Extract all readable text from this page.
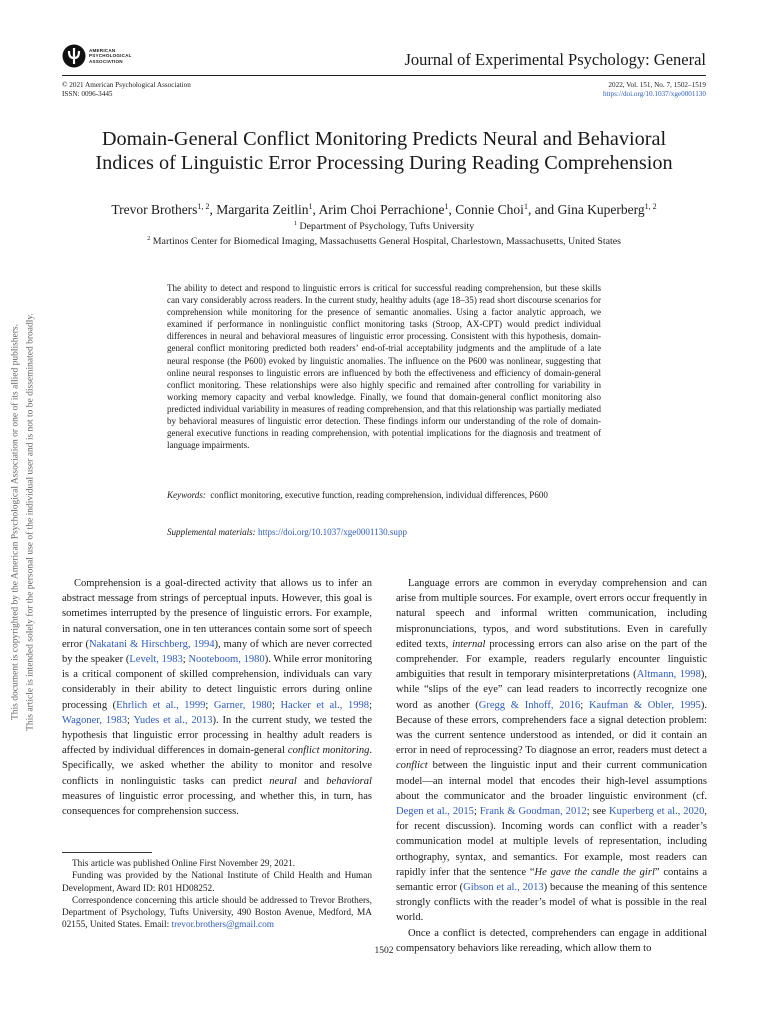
AMERICAN
PSYCHOLOGICAL
ASSOCIATION	Journal of Experimental Psychology: General
© 2021 American Psychological Association
ISSN: 0096-3445
2022, Vol. 151, No. 7, 1502–1519
https://doi.org/10.1037/xge0001130
Domain-General Conflict Monitoring Predicts Neural and Behavioral
Indices of Linguistic Error Processing During Reading Comprehension
Trevor Brothers$^{1, 2}$, Margarita Zeitlin$^1$, Arim Choi Perrachione$^1$, Connie Choi$^1$, and Gina Kuperberg$^{1, 2}$
$^1$ Department of Psychology, Tufts University
$^2$ Martinos Center for Biomedical Imaging, Massachusetts General Hospital, Charlestown, Massachusetts, United States
The ability to detect and respond to linguistic errors is critical for successful reading comprehension, but these skills can vary considerably across readers. In the current study, healthy adults (age 18–35) read short discourse scenarios for comprehension while monitoring for the presence of semantic anomalies. Using a factor analytic approach, we examined if performance in nonlinguistic conflict monitoring tasks (Stroop, AX-CPT) would predict individual differences in neural and behavioral measures of linguistic error processing. Consistent with this hypothesis, domain-general conflict monitoring predicted both readers’ end-of-trial acceptability judgments and the amplitude of a late neural response (the P600) evoked by linguistic anomalies. The influence on the P600 was nonlinear, suggesting that online neural responses to linguistic errors are influenced by both the effectiveness and efficiency of domain-general conflict monitoring. These relationships were also highly specific and remained after controlling for variability in working memory capacity and verbal knowledge. Finally, we found that domain-general conflict monitoring also predicted individual variability in measures of reading comprehension, and that this relationship was partially mediated by behavioral measures of linguistic error detection. These findings inform our understanding of the role of domain-general executive functions in reading comprehension, with potential implications for the diagnosis and treatment of language impairments.
Keywords: conflict monitoring, executive function, reading comprehension, individual differences, P600
Supplemental materials: https://doi.org/10.1037/xge0001130.supp

Comprehension is a goal-directed activity that allows us to infer an abstract message from strings of perceptual inputs. However, this goal is sometimes interrupted by the presence of linguistic errors. For example, in natural conversation, one in ten utterances contain some sort of speech error (Nakatani & Hirschberg, 1994), many of which are never corrected by the speaker (Levelt, 1983; Nooteboom, 1980). While error monitoring is a critical component of skilled comprehension, individuals can vary considerably in their ability to detect linguistic errors during online processing (Ehrlich et al., 1999; Garner, 1980; Hacker et al., 1998; Wagoner, 1983; Yudes et al., 2013). In the current study, we tested the hypothesis that linguistic error processing in healthy adult readers is affected by individual differences in domain-general conflict monitoring. Specifically, we asked whether the ability to monitor and resolve conflicts in nonlinguistic tasks can predict neural and behavioral measures of linguistic error processing, and whether this, in turn, has consequences for comprehension success.

Language errors are common in everyday comprehension and can arise from multiple sources. For example, overt errors occur frequently in natural speech and informal written communication, including mispronunciations, typos, and word substitutions. Even in carefully edited texts, internal processing errors can also arise on the part of the comprehender. For example, readers regularly encounter linguistic ambiguities that result in temporary misinterpretations (Altmann, 1998), while “slips of the eye” can lead readers to incorrectly recognize one word as another (Gregg & Inhoff, 2016; Kaufman & Obler, 1995). Because of these errors, comprehenders face a signal detection problem: was the current sentence understood as intended, or did it contain an error in need of reprocessing? To diagnose an error, readers must detect a conflict between the linguistic input and their current communication model—an internal model that encodes their high-level assumptions about the communicator and the broader linguistic environment (cf. Degen et al., 2015; Frank & Goodman, 2012; see Kuperberg et al., 2020, for recent discussion). Incoming words can conflict with a reader’s communication model at multiple levels of representation, including orthography, syntax, and semantics. For example, most readers can rapidly infer that the sentence “He gave the candle the girl” contains a semantic error (Gibson et al., 2013) because the meaning of this sentence strongly conflicts with the reader’s model of what is possible in the real world.

Once a conflict is detected, comprehenders can engage in additional compensatory behaviors like rereading, which allow them to

This article was published Online First November 29, 2021.

Funding was provided by the National Institute of Child Health and Human Development, Award ID: R01 HD08252.

Correspondence concerning this article should be addressed to Trevor Brothers, Department of Psychology, Tufts University, 490 Boston Avenue, Medford, MA 02155, United States. Email: trevor.brothers@gmail.com

1502
This document is copyrighted by the American Psychological Association or one of its allied publishers. This article is intended solely for the personal use of the individual user and is not to be disseminated broadly.
